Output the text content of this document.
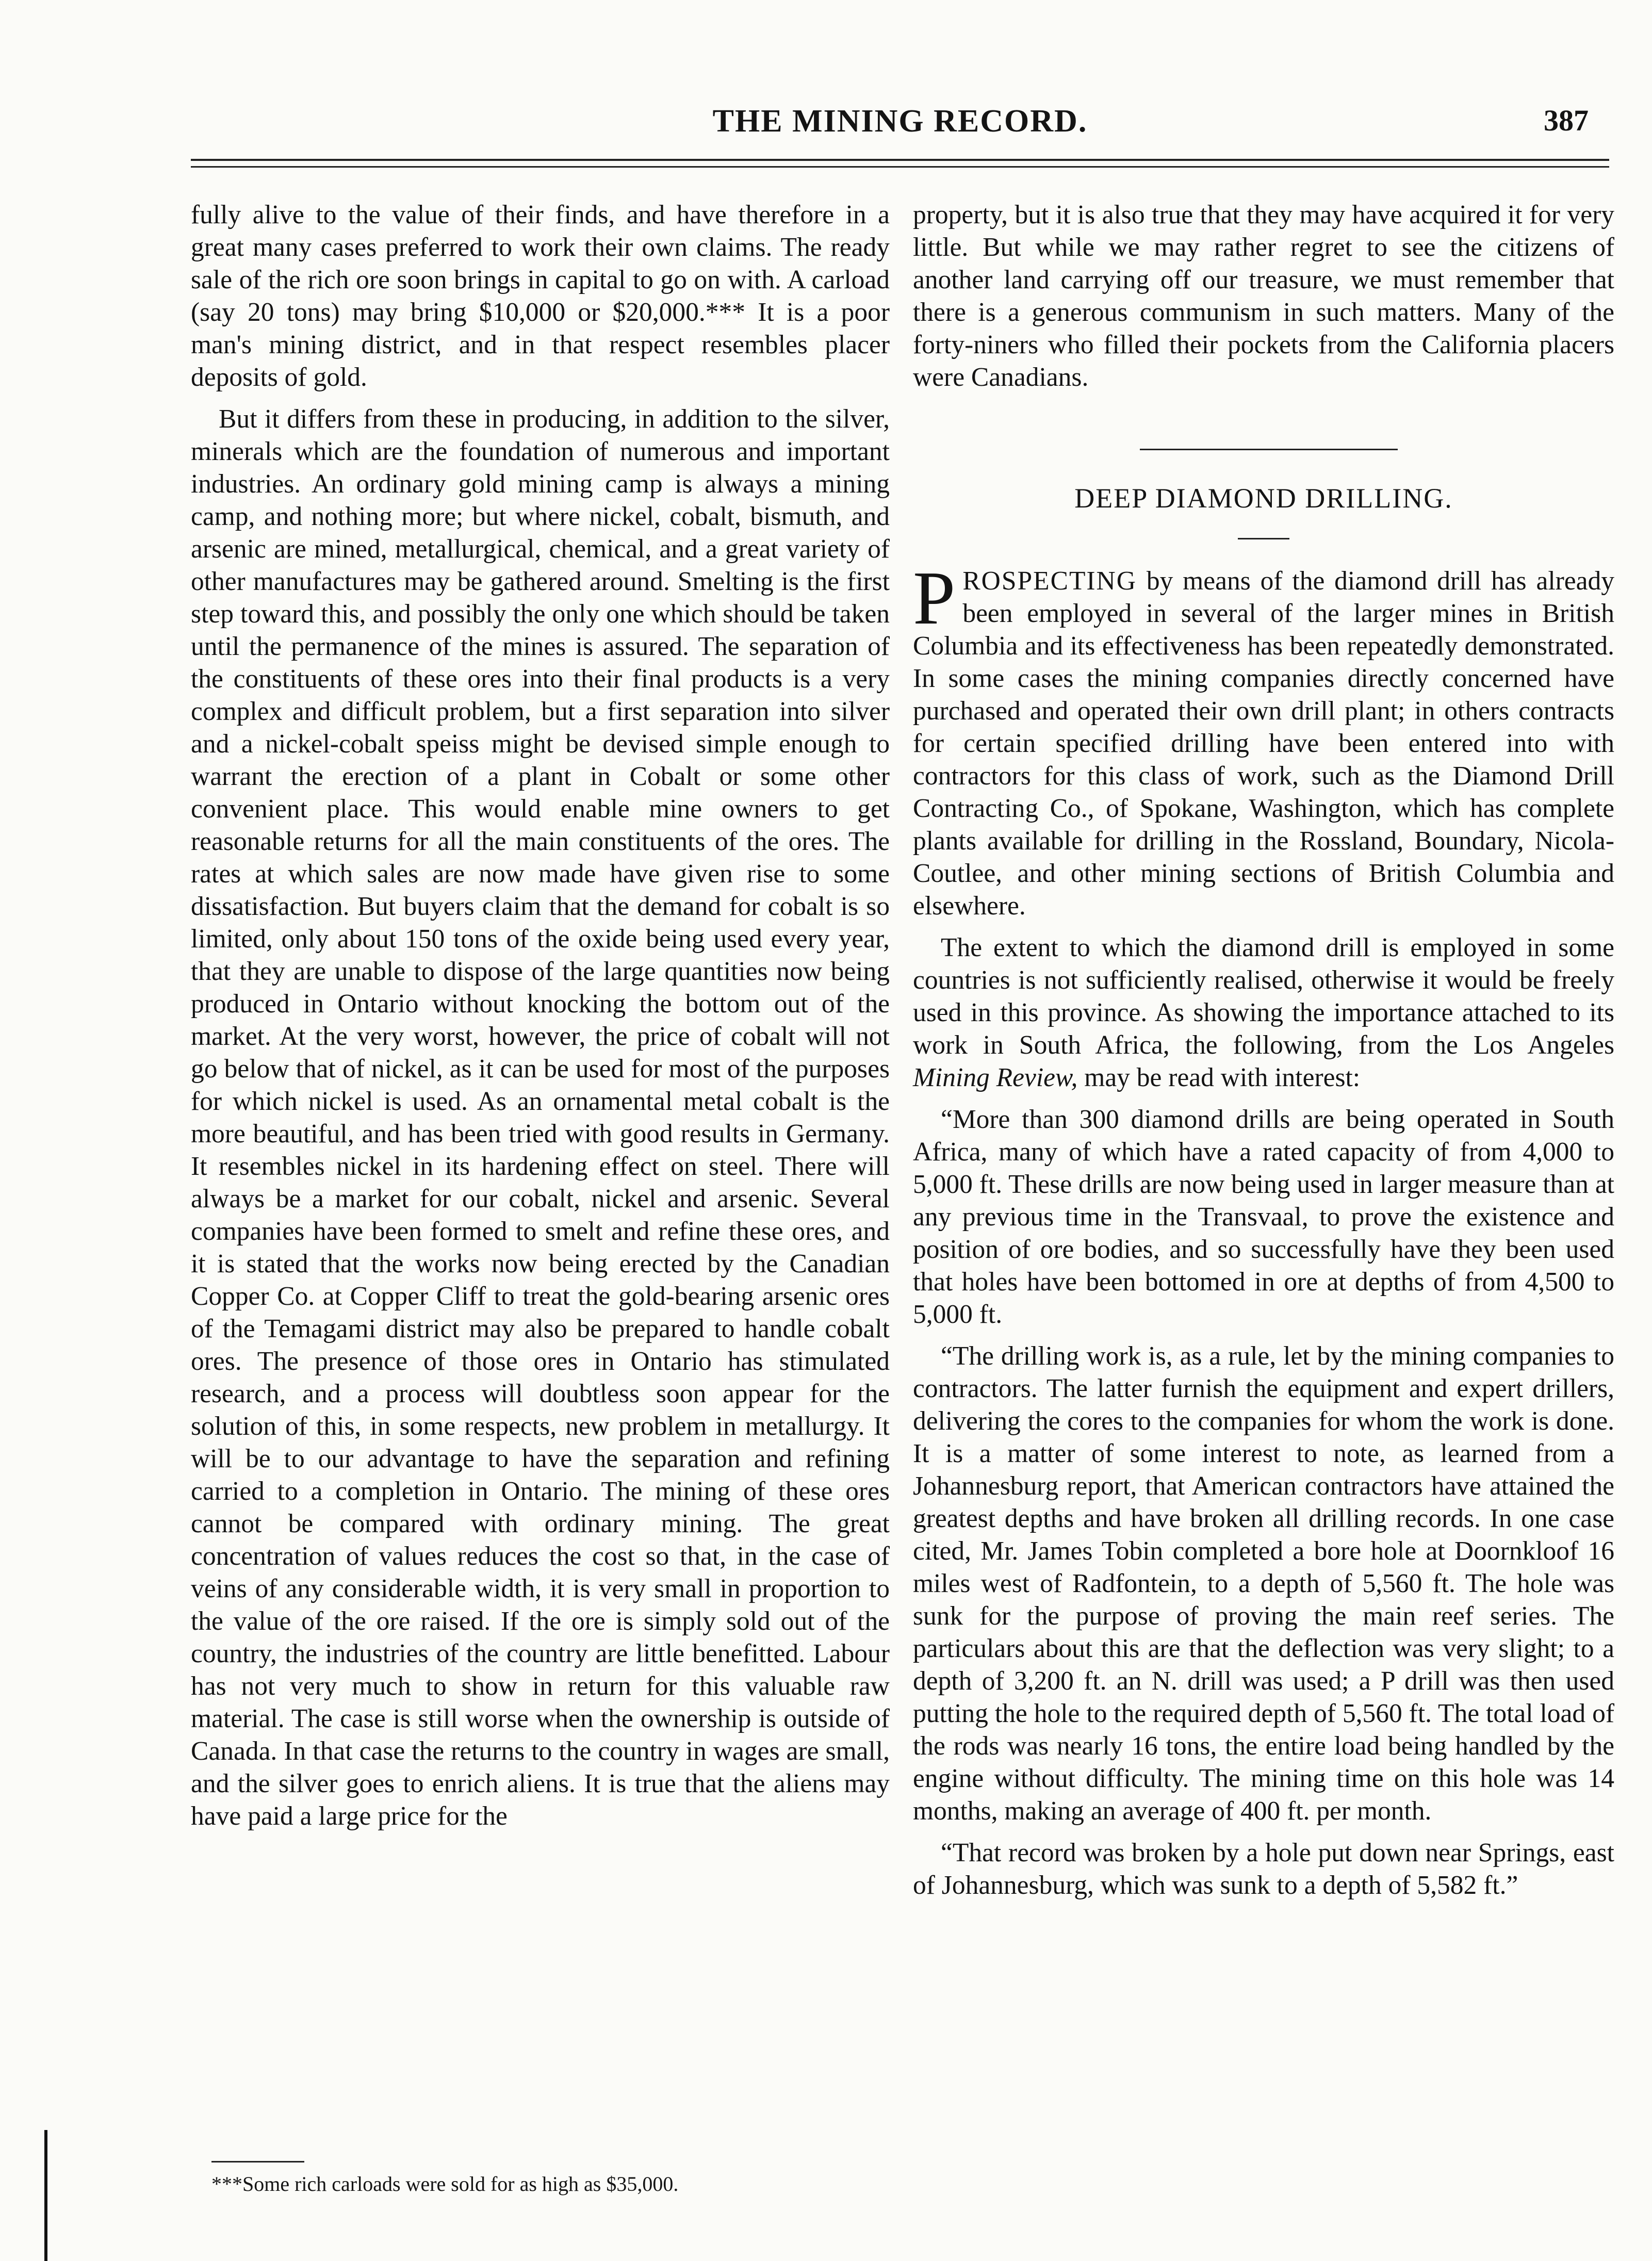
THE MINING RECORD.	387

fully alive to the value of their finds, and have therefore in a great many cases preferred to work their own claims. The ready sale of the rich ore soon brings in capital to go on with. A carload (say 20 tons) may bring $10,000 or $20,000.*** It is a poor man's mining district, and in that respect resembles placer deposits of gold.

But it differs from these in producing, in addition to the silver, minerals which are the foundation of numerous and important industries. An ordinary gold mining camp is always a mining camp, and nothing more; but where nickel, cobalt, bismuth, and arsenic are mined, metallurgical, chemical, and a great variety of other manufactures may be gathered around. Smelting is the first step toward this, and possibly the only one which should be taken until the permanence of the mines is assured. The separation of the constituents of these ores into their final products is a very complex and difficult problem, but a first separation into silver and a nickel-cobalt speiss might be devised simple enough to warrant the erection of a plant in Cobalt or some other convenient place. This would enable mine owners to get reasonable returns for all the main constituents of the ores. The rates at which sales are now made have given rise to some dissatisfaction. But buyers claim that the demand for cobalt is so limited, only about 150 tons of the oxide being used every year, that they are unable to dispose of the large quantities now being produced in Ontario without knocking the bottom out of the market. At the very worst, however, the price of cobalt will not go below that of nickel, as it can be used for most of the purposes for which nickel is used. As an ornamental metal cobalt is the more beautiful, and has been tried with good results in Germany. It resembles nickel in its hardening effect on steel. There will always be a market for our cobalt, nickel and arsenic. Several companies have been formed to smelt and refine these ores, and it is stated that the works now being erected by the Canadian Copper Co. at Copper Cliff to treat the gold-bearing arsenic ores of the Temagami district may also be prepared to handle cobalt ores. The presence of those ores in Ontario has stimulated research, and a process will doubtless soon appear for the solution of this, in some respects, new problem in metallurgy. It will be to our advantage to have the separation and refining carried to a completion in Ontario. The mining of these ores cannot be compared with ordinary mining. The great concentration of values reduces the cost so that, in the case of veins of any considerable width, it is very small in proportion to the value of the ore raised. If the ore is simply sold out of the country, the industries of the country are little benefitted. Labour has not very much to show in return for this valuable raw material. The case is still worse when the ownership is outside of Canada. In that case the returns to the country in wages are small, and the silver goes to enrich aliens. It is true that the aliens may have paid a large price for the

***Some rich carloads were sold for as high as $35,000.

property, but it is also true that they may have acquired it for very little. But while we may rather regret to see the citizens of another land carrying off our treasure, we must remember that there is a generous communism in such matters. Many of the forty-niners who filled their pockets from the California placers were Canadians.

DEEP DIAMOND DRILLING.

PROSPECTING by means of the diamond drill has already been employed in several of the larger mines in British Columbia and its effectiveness has been repeatedly demonstrated. In some cases the mining companies directly concerned have purchased and operated their own drill plant; in others contracts for certain specified drilling have been entered into with contractors for this class of work, such as the Diamond Drill Contracting Co., of Spokane, Washington, which has complete plants available for drilling in the Rossland, Boundary, Nicola-Coutlee, and other mining sections of British Columbia and elsewhere.

The extent to which the diamond drill is employed in some countries is not sufficiently realised, otherwise it would be freely used in this province. As showing the importance attached to its work in South Africa, the following, from the Los Angeles Mining Review, may be read with interest:

“More than 300 diamond drills are being operated in South Africa, many of which have a rated capacity of from 4,000 to 5,000 ft. These drills are now being used in larger measure than at any previous time in the Transvaal, to prove the existence and position of ore bodies, and so successfully have they been used that holes have been bottomed in ore at depths of from 4,500 to 5,000 ft.

“The drilling work is, as a rule, let by the mining companies to contractors. The latter furnish the equipment and expert drillers, delivering the cores to the companies for whom the work is done. It is a matter of some interest to note, as learned from a Johannesburg report, that American contractors have attained the greatest depths and have broken all drilling records. In one case cited, Mr. James Tobin completed a bore hole at Doornkloof 16 miles west of Radfontein, to a depth of 5,560 ft. The hole was sunk for the purpose of proving the main reef series. The particulars about this are that the deflection was very slight; to a depth of 3,200 ft. an N. drill was used; a P drill was then used putting the hole to the required depth of 5,560 ft. The total load of the rods was nearly 16 tons, the entire load being handled by the engine without difficulty. The mining time on this hole was 14 months, making an average of 400 ft. per month.

“That record was broken by a hole put down near Springs, east of Johannesburg, which was sunk to a depth of 5,582 ft.”
